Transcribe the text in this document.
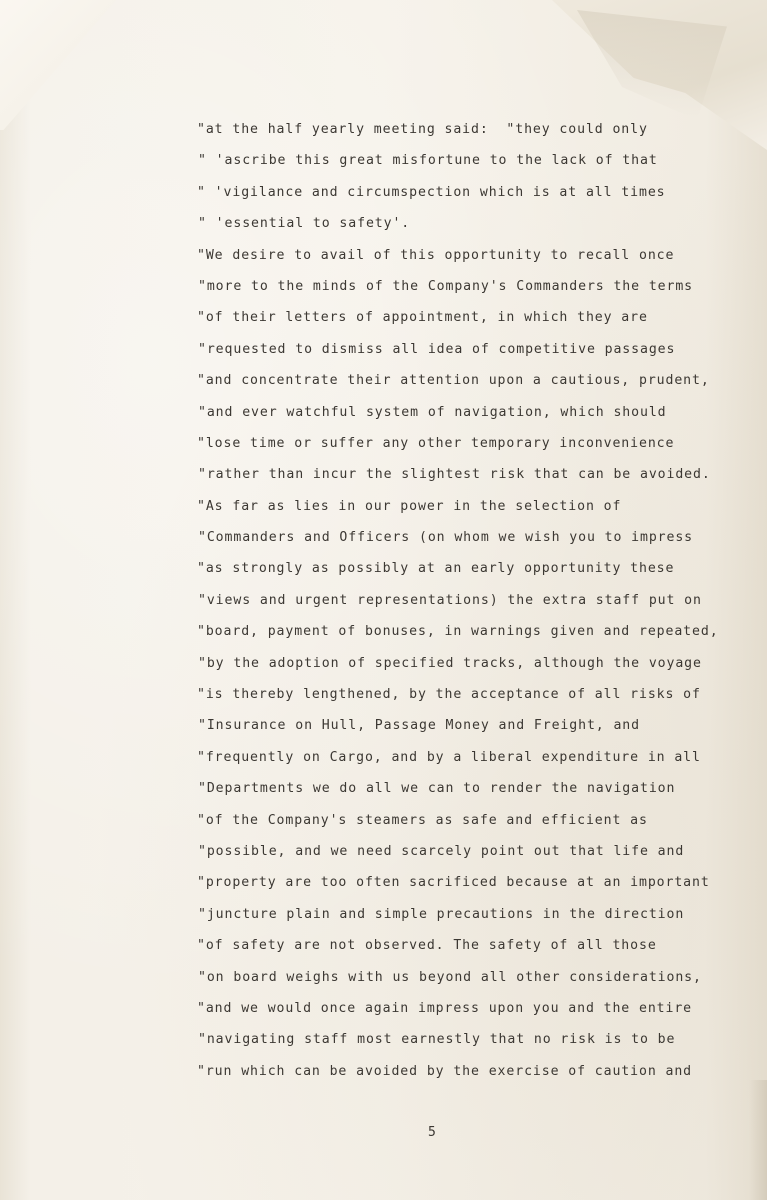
"at the half yearly meeting said:  "they could only
" 'ascribe this great misfortune to the lack of that
" 'vigilance and circumspection which is at all times
" 'essential to safety'.
"We desire to avail of this opportunity to recall once
"more to the minds of the Company's Commanders the terms
"of their letters of appointment, in which they are
"requested to dismiss all idea of competitive passages
"and concentrate their attention upon a cautious, prudent,
"and ever watchful system of navigation, which should
"lose time or suffer any other temporary inconvenience
"rather than incur the slightest risk that can be avoided.
"As far as lies in our power in the selection of
"Commanders and Officers (on whom we wish you to impress
"as strongly as possibly at an early opportunity these
"views and urgent representations) the extra staff put on
"board, payment of bonuses, in warnings given and repeated,
"by the adoption of specified tracks, although the voyage
"is thereby lengthened, by the acceptance of all risks of
"Insurance on Hull, Passage Money and Freight, and
"frequently on Cargo, and by a liberal expenditure in all
"Departments we do all we can to render the navigation
"of the Company's steamers as safe and efficient as
"possible, and we need scarcely point out that life and
"property are too often sacrificed because at an important
"juncture plain and simple precautions in the direction
"of safety are not observed. The safety of all those
"on board weighs with us beyond all other considerations,
"and we would once again impress upon you and the entire
"navigating staff most earnestly that no risk is to be
"run which can be avoided by the exercise of caution and
5
